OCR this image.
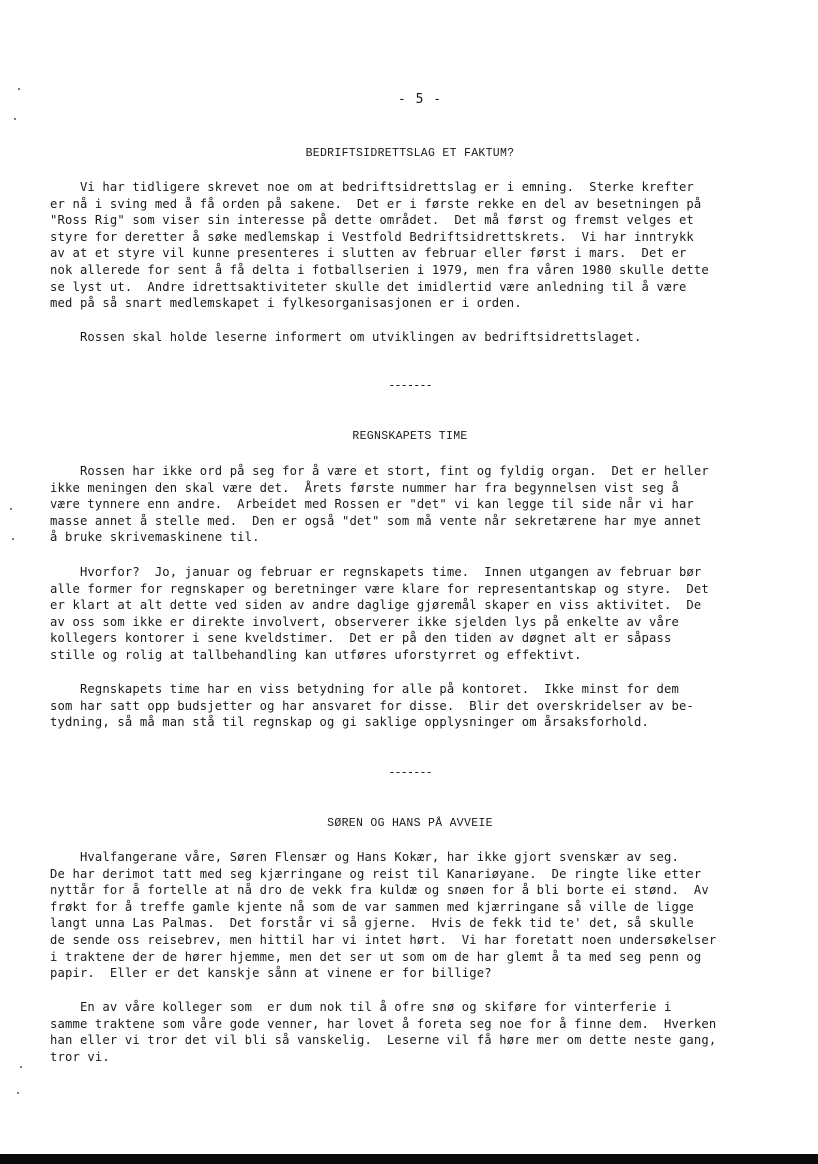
- 5 -
BEDRIFTSIDRETTSLAG ET FAKTUM?
Vi har tidligere skrevet noe om at bedriftsidrettslag er i emning.  Sterke krefter
er nå i sving med å få orden på sakene.  Det er i første rekke en del av besetningen på
"Ross Rig" som viser sin interesse på dette området.  Det må først og fremst velges et
styre for deretter å søke medlemskap i Vestfold Bedriftsidrettskrets.  Vi har inntrykk
av at et styre vil kunne presenteres i slutten av februar eller først i mars.  Det er
nok allerede for sent å få delta i fotballserien i 1979, men fra våren 1980 skulle dette
se lyst ut.  Andre idrettsaktiviteter skulle det imidlertid være anledning til å være
med på så snart medlemskapet i fylkesorganisasjonen er i orden.
Rossen skal holde leserne informert om utviklingen av bedriftsidrettslaget.
-------
REGNSKAPETS TIME
Rossen har ikke ord på seg for å være et stort, fint og fyldig organ.  Det er heller
ikke meningen den skal være det.  Årets første nummer har fra begynnelsen vist seg å
være tynnere enn andre.  Arbeidet med Rossen er "det" vi kan legge til side når vi har
masse annet å stelle med.  Den er også "det" som må vente når sekretærene har mye annet
å bruke skrivemaskinene til.
Hvorfor?  Jo, januar og februar er regnskapets time.  Innen utgangen av februar bør
alle former for regnskaper og beretninger være klare for representantskap og styre.  Det
er klart at alt dette ved siden av andre daglige gjøremål skaper en viss aktivitet.  De
av oss som ikke er direkte involvert, observerer ikke sjelden lys på enkelte av våre
kollegers kontorer i sene kveldstimer.  Det er på den tiden av døgnet alt er såpass
stille og rolig at tallbehandling kan utføres uforstyrret og effektivt.
Regnskapets time har en viss betydning for alle på kontoret.  Ikke minst for dem
som har satt opp budsjetter og har ansvaret for disse.  Blir det overskridelser av be-
tydning, så må man stå til regnskap og gi saklige opplysninger om årsaksforhold.
-------
SØREN OG HANS PÅ AVVEIE
Hvalfangerane våre, Søren Flensær og Hans Kokær, har ikke gjort svenskær av seg.
De har derimot tatt med seg kjærringane og reist til Kanariøyane.  De ringte like etter
nyttår for å fortelle at nå dro de vekk fra kuldæ og snøen for å bli borte ei stønd.  Av
frøkt for å treffe gamle kjente nå som de var sammen med kjærringane så ville de ligge
langt unna Las Palmas.  Det forstår vi så gjerne.  Hvis de fekk tid te' det, så skulle
de sende oss reisebrev, men hittil har vi intet hørt.  Vi har foretatt noen undersøkelser
i traktene der de hører hjemme, men det ser ut som om de har glemt å ta med seg penn og
papir.  Eller er det kanskje sånn at vinene er for billige?
En av våre kolleger som  er dum nok til å ofre snø og skiføre for vinterferie i
samme traktene som våre gode venner, har lovet å foreta seg noe for å finne dem.  Hverken
han eller vi tror det vil bli så vanskelig.  Leserne vil få høre mer om dette neste gang,
tror vi.
